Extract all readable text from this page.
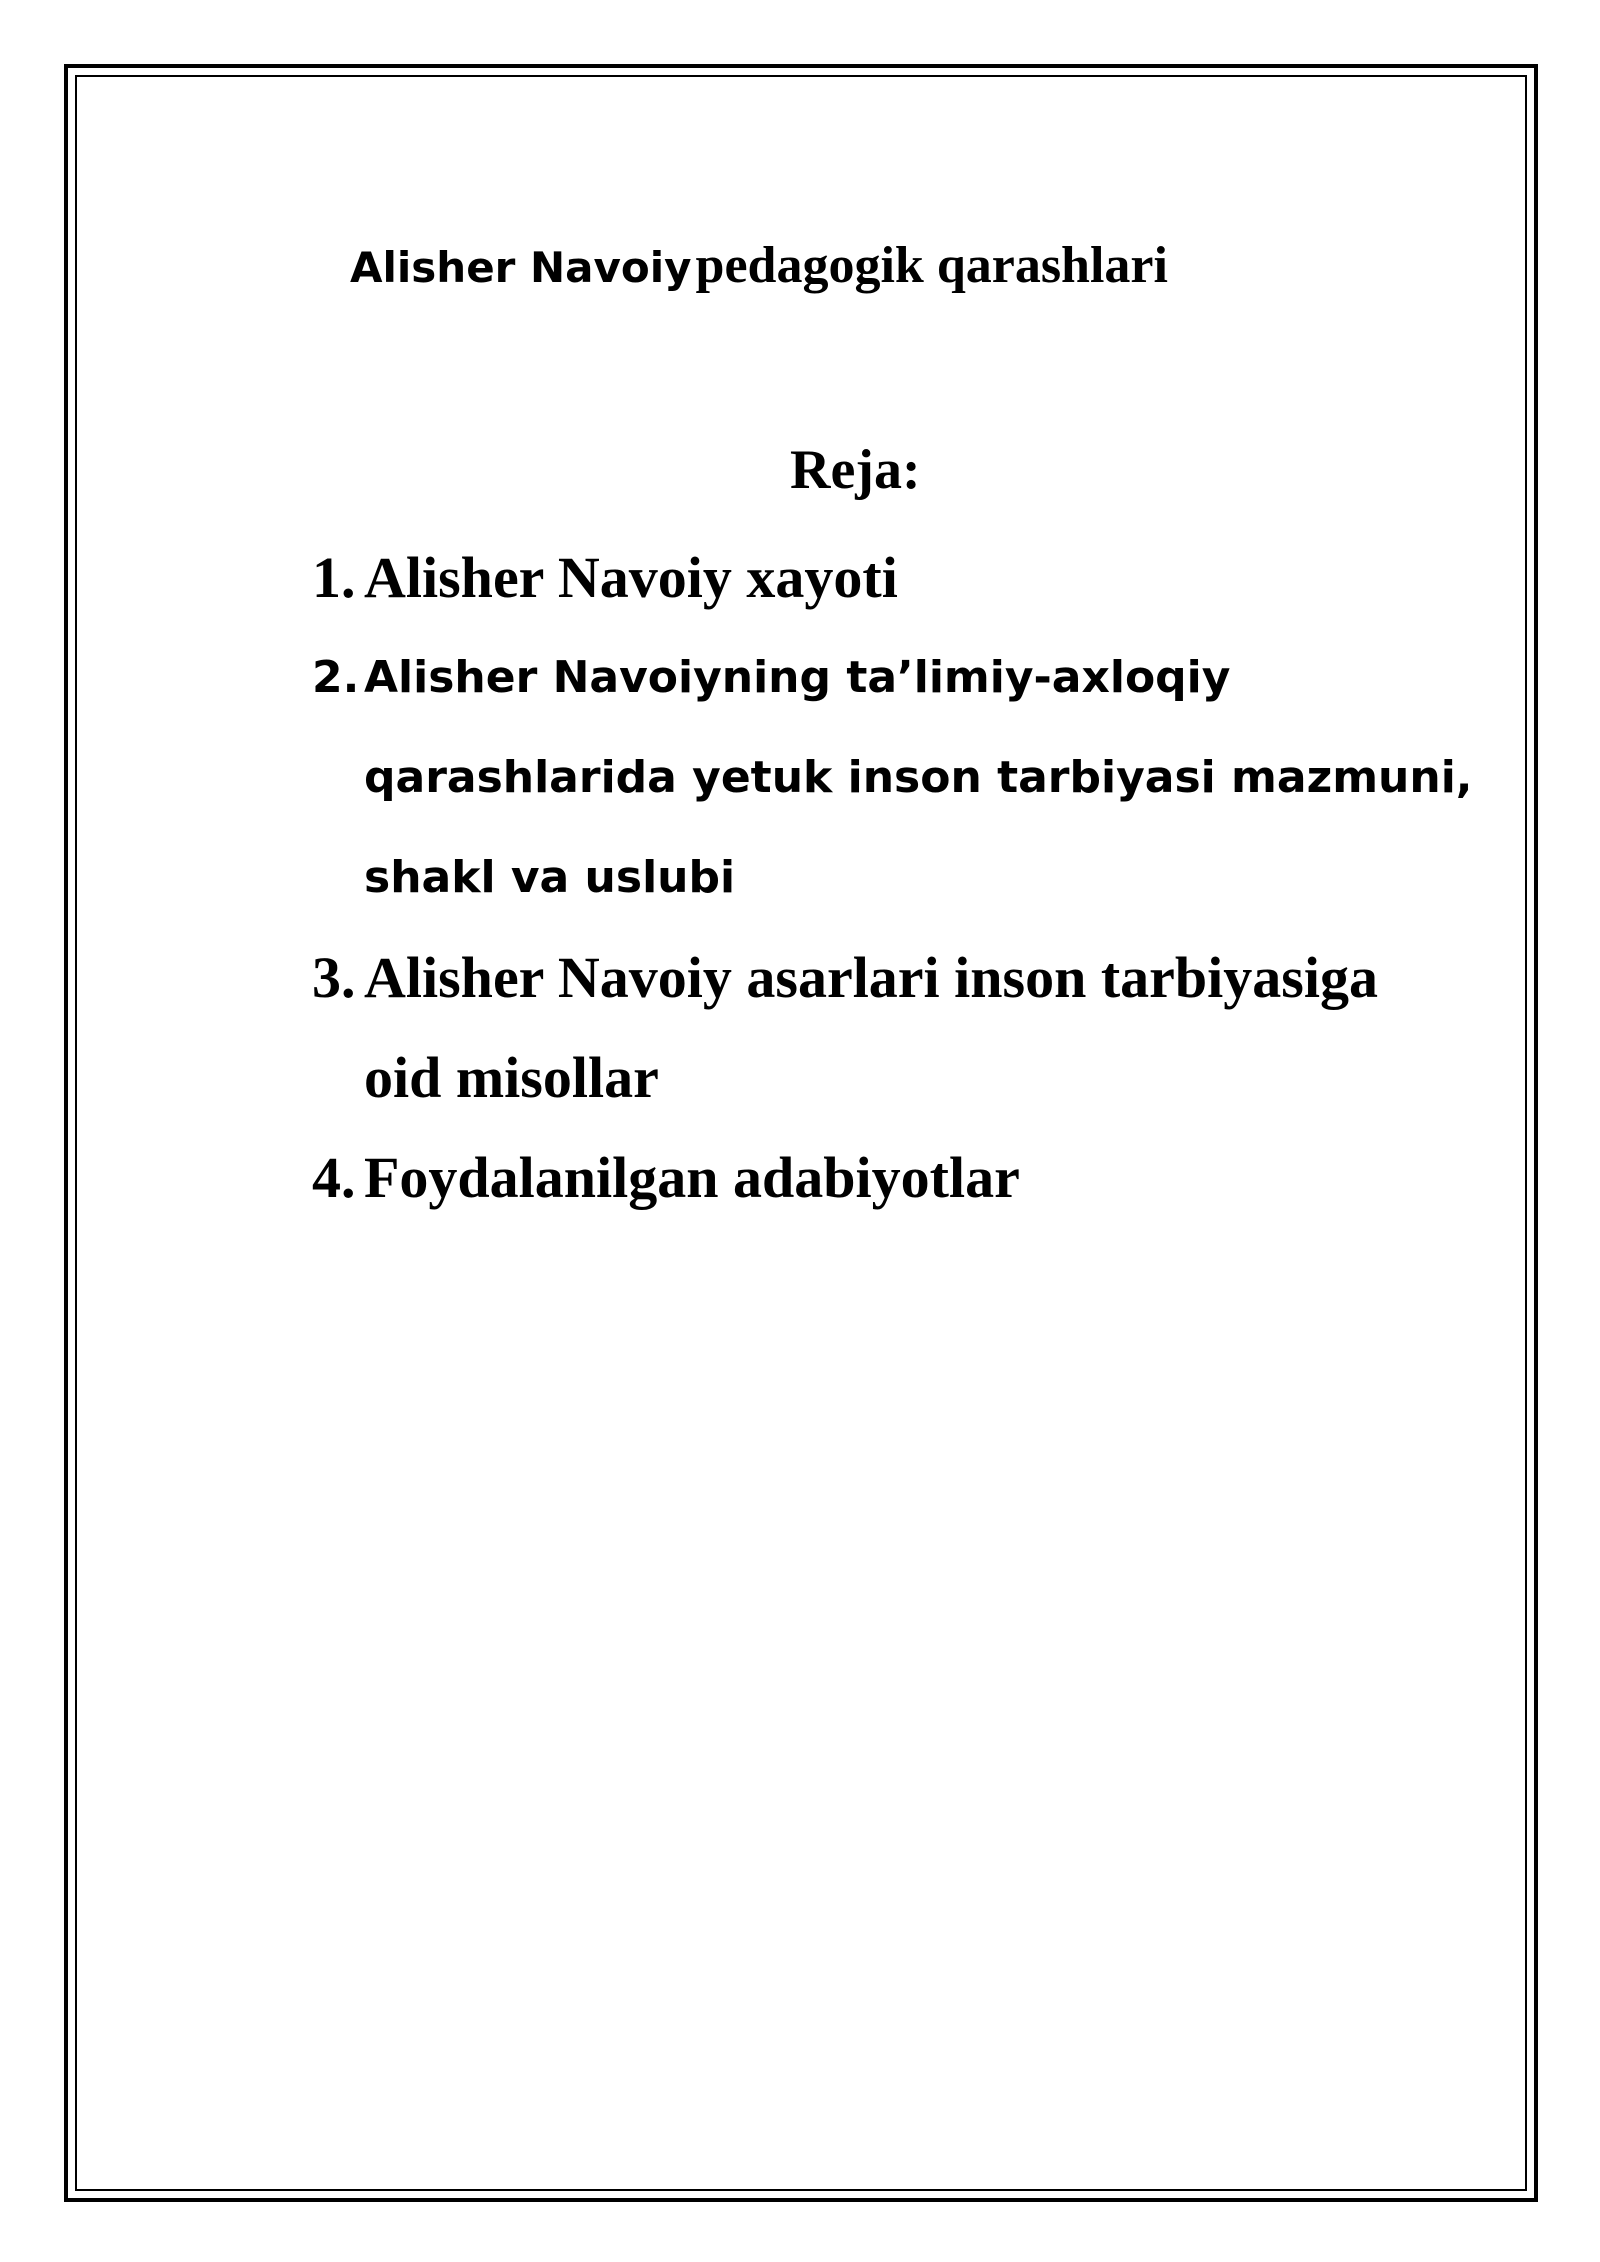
Alisher Navoiy pedagogik qarashlari
Reja:
1. Alisher Navoiy xayoti
2. Alisher Navoiyning ta’limiy-axloqiy
qarashlarida yetuk inson tarbiyasi mazmuni,
shakl va uslubi
3. Alisher Navoiy asarlari inson tarbiyasiga
oid misollar
4. Foydalanilgan adabiyotlar
